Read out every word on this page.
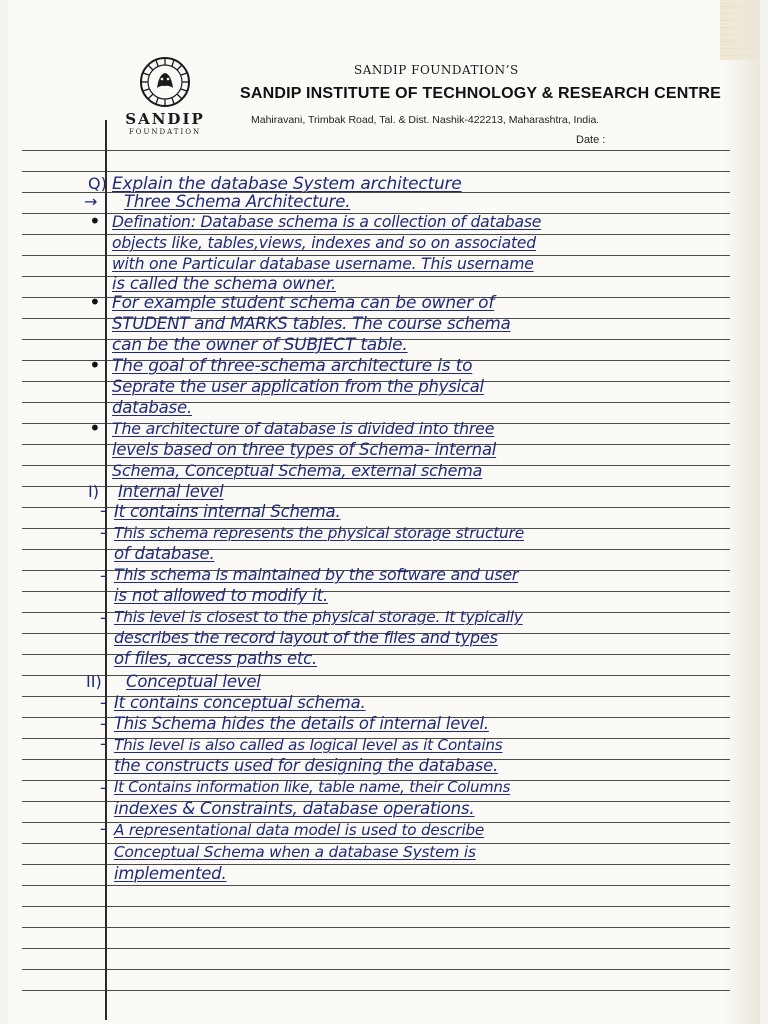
SANDIP
FOUNDATION
SANDIP FOUNDATION’S
SANDIP INSTITUTE OF TECHNOLOGY & RESEARCH CENTRE
Mahiravani, Trimbak Road, Tal. & Dist. Nashik-422213, Maharashtra, India.
Date :
Q)
→
•
•
•
•
I)
-
-
-
-
II)
-
-
-
-
-
Explain the database System architecture
Three Schema Architecture.
Defination: Database schema is a collection of database
objects like, tables,views, indexes and so on associated
with one Particular database username. This username
is called the schema owner.
For example student schema can be owner of
STUDENT and MARKS tables. The course schema
can be the owner of SUBJECT table.
The goal of three-schema architecture is to
Seprate the user application from the physical
database.
The architecture of database is divided into three
levels based on three types of Schema- internal
Schema, Conceptual Schema, external schema
Internal level
It contains internal Schema.
This schema represents the physical storage structure
of database.
This schema is maintained by the software and user
is not allowed to modify it.
This level is closest to the physical storage. It typically
describes the record layout of the files and types
of files, access paths etc.
Conceptual level
It contains conceptual schema.
This Schema hides the details of internal level.
This level is also called as logical level as it Contains
the constructs used for designing the database.
It Contains information like, table name, their Columns
indexes & Constraints, database operations.
A representational data model is used to describe
Conceptual Schema when a database System is
implemented.
